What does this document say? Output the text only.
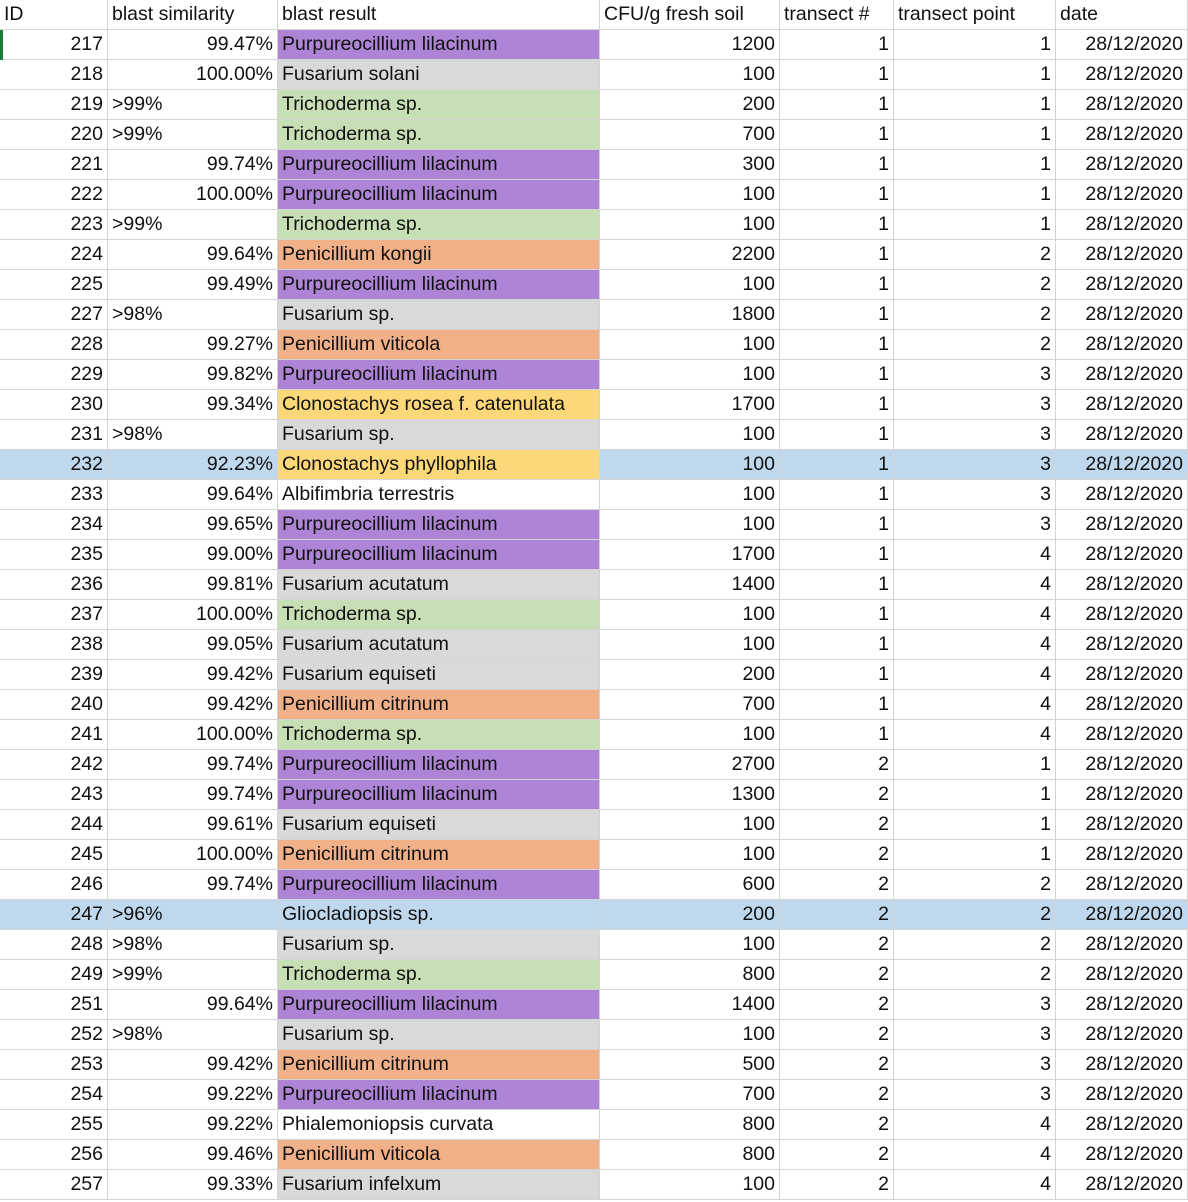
ID	blast similarity	blast result	CFU/g fresh soil	transect #	transect point	date
217	99.47% Purpureocillium lilacinum	1200	1	1	28/12/2020
218	100.00% Fusarium solani	100	1	1	28/12/2020
219 >99%	Trichoderma sp.	200	1	1	28/12/2020
220 >99%	Trichoderma sp.	700	1	1	28/12/2020
221	99.74% Purpureocillium lilacinum	300	1	1	28/12/2020
222	100.00% Purpureocillium lilacinum	100	1	1	28/12/2020
223 >99%	Trichoderma sp.	100	1	1	28/12/2020
224	99.64% Penicillium kongii	2200	1	2	28/12/2020
225	99.49% Purpureocillium lilacinum	100	1	2	28/12/2020
227 >98%	Fusarium sp.	1800	1	2	28/12/2020
228	99.27% Penicillium viticola	100	1	2	28/12/2020
229	99.82% Purpureocillium lilacinum	100	1	3	28/12/2020
230	99.34% Clonostachys rosea f. catenulata	1700	1	3	28/12/2020
231 >98%	Fusarium sp.	100	1	3	28/12/2020
232	92.23% Clonostachys phyllophila	100	1	3	28/12/2020
233	99.64% Albifimbria terrestris	100	1	3	28/12/2020
234	99.65% Purpureocillium lilacinum	100	1	3	28/12/2020
235	99.00% Purpureocillium lilacinum	1700	1	4	28/12/2020
236	99.81% Fusarium acutatum	1400	1	4	28/12/2020
237	100.00% Trichoderma sp.	100	1	4	28/12/2020
238	99.05% Fusarium acutatum	100	1	4	28/12/2020
239	99.42% Fusarium equiseti	200	1	4	28/12/2020
240	99.42% Penicillium citrinum	700	1	4	28/12/2020
241	100.00% Trichoderma sp.	100	1	4	28/12/2020
242	99.74% Purpureocillium lilacinum	2700	2	1	28/12/2020
243	99.74% Purpureocillium lilacinum	1300	2	1	28/12/2020
244	99.61% Fusarium equiseti	100	2	1	28/12/2020
245	100.00% Penicillium citrinum	100	2	1	28/12/2020
246	99.74% Purpureocillium lilacinum	600	2	2	28/12/2020
247 >96%	Gliocladiopsis sp.	200	2	2	28/12/2020
248 >98%	Fusarium sp.	100	2	2	28/12/2020
249 >99%	Trichoderma sp.	800	2	2	28/12/2020
251	99.64% Purpureocillium lilacinum	1400	2	3	28/12/2020
252 >98%	Fusarium sp.	100	2	3	28/12/2020
253	99.42% Penicillium citrinum	500	2	3	28/12/2020
254	99.22% Purpureocillium lilacinum	700	2	3	28/12/2020
255	99.22% Phialemoniopsis curvata	800	2	4	28/12/2020
256	99.46% Penicillium viticola	800	2	4	28/12/2020
257	99.33% Fusarium infelxum	100	2	4	28/12/2020
